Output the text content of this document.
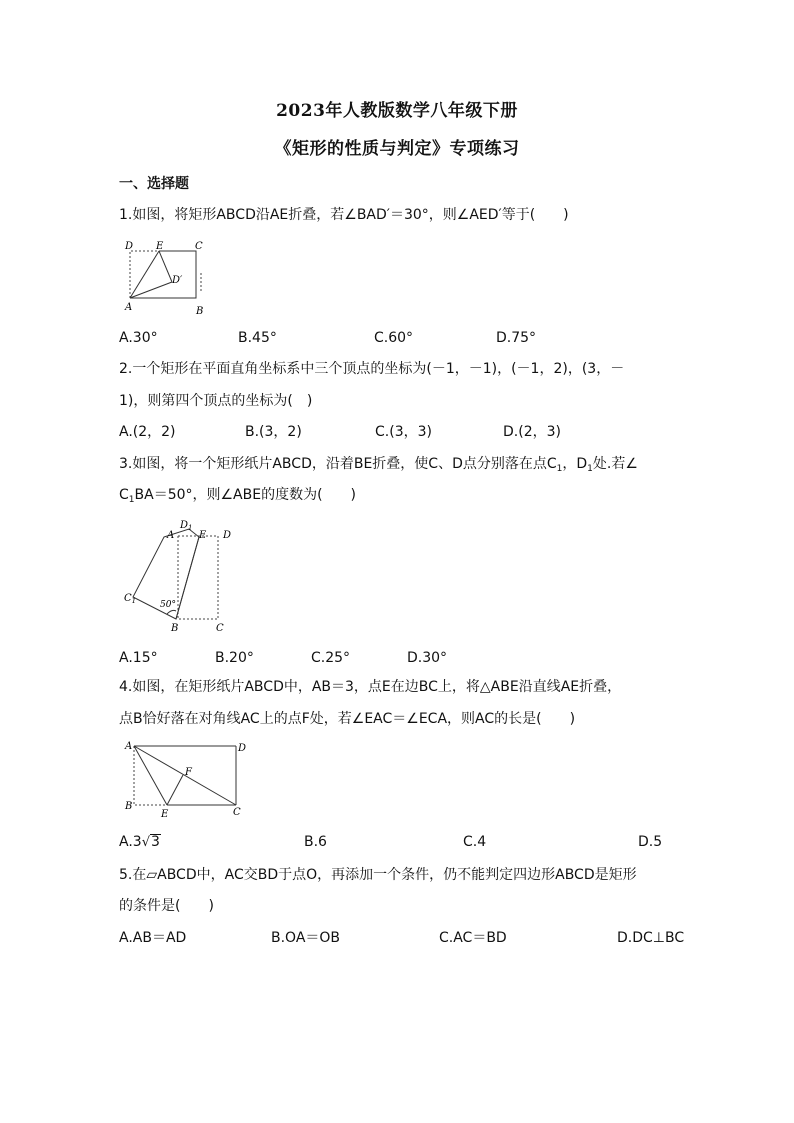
2023年人教版数学八年级下册
《矩形的性质与判定》专项练习
一、选择题
1.如图，将矩形ABCD沿AE折叠，若∠BAD′＝30°，则∠AED′等于(　　)
D E	C
D′
A	B
A.30°	B.45°	C.60°	D.75°
2.一个矩形在平面直角坐标系中三个顶点的坐标为(－1，－1)，(－1，2)，(3，－
1)，则第四个顶点的坐标为(　)
A.(2，2)	B.(3，2)	C.(3，3)	D.(2，3)
3.如图，将一个矩形纸片ABCD，沿着BE折叠，使C、D点分别落在点$C_1$，$D_1$处.若∠
$C_1BA=50^\circ$，则∠ABE的度数为(　　)
A
$D_1$
E D
$C_1$	50°
B	C
A.15°	B.20°	C.25°	D.30°
4.如图，在矩形纸片ABCD中，AB＝3，点E在边BC上，将△ABE沿直线AE折叠，
点B恰好落在对角线AC上的点F处，若∠EAC＝∠ECA，则AC的长是(　　)
A	D
F
B
E	C
A.3√3	B.6	C.4	D.5
5.在▱ABCD中，AC交BD于点O，再添加一个条件，仍不能判定四边形ABCD是矩形
的条件是(　　)
A.AB＝AD	B.OA＝OB	C.AC＝BD	D.DC⊥BC
